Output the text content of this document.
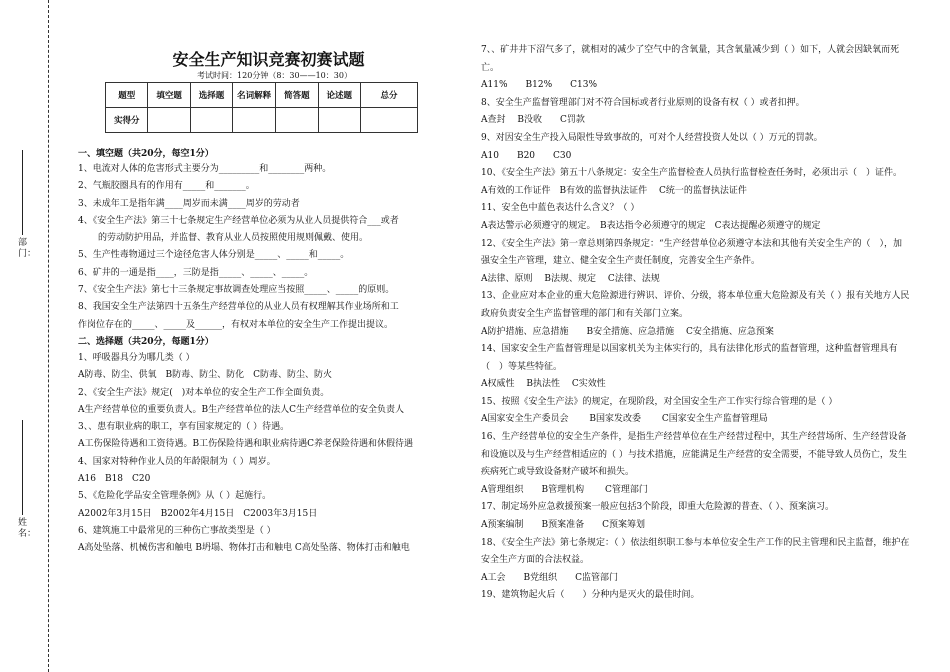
部门：
姓名：
安全生产知识竞赛初赛试题
考试时间：120分钟（8：30——10：30）
题型	填空题	选择题	名词解释	简答题	论述题	总分
实得分						
一、填空题（共20分，每空1分）
1、电流对人体的危害形式主要分为_________和________两种。
2、气瓶胶圈具有的作用有_____和_______。
3、未成年工是指年满____周岁而未满____周岁的劳动者
4、《安全生产法》第三十七条规定生产经营单位必须为从业人员提供符合___或者
的劳动防护用品，并监督、教育从业人员按照使用规则佩戴、使用。
5、生产性毒物通过三个途径危害人体分别是_____、_____和_____。
6、矿井的一通是指____，三防是指_____、_____、_____。
7、《安全生产法》第七十三条规定事故调查处理应当按照_____、_____的原则。
8、我国安全生产法第四十五条生产经营单位的从业人员有权理解其作业场所和工
作岗位存在的_____、_____及______，有权对本单位的安全生产工作提出提议。
二、选择题（共20分，每题1分）
1、呼吸器具分为哪几类（ ）
A防毒、防尘、供氧　B防毒、防尘、防化　C防毒、防尘、防火
2、《安全生产法》规定(　)对本单位的安全生产工作全面负责。
A生产经营单位的重要负责人。B生产经营单位的法人C生产经营单位的安全负责人
3、、患有职业病的职工，享有国家规定的（ ）待遇。
A工伤保险待遇和工资待遇。B工伤保险待遇和职业病待遇C养老保险待遇和休假待遇
4、国家对特种作业人员的年龄限制为（ ）周岁。
A16　B18　C20
5、《危险化学品安全管理条例》从（ ）起施行。
A2002年3月15日　B2002年4月15日　C2003年3月15日
6、建筑施工中最常见的三种伤亡事故类型是（ ）
A高处坠落、机械伤害和触电 B坍塌、物体打击和触电 C高处坠落、物体打击和触电
7、、矿井井下沼气多了，就相对的减少了空气中的含氧量，其含氧量减少到（ ）如下，人就会因缺氧而死亡。
A11%　　B12%　　C13%
8、安全生产监督管理部门对不符合国标或者行业原则的设备有权（ ）或者扣押。
A查封　 B没收　　C罚款
9、对因安全生产投入局限性导致事故的，可对个人经营投资人处以（ ）万元的罚款。
A10　　B20　　C30
10、《安全生产法》第五十八条规定：安全生产监督检查人员执行监督检查任务时，必须出示（　）证件。
A有效的工作证件　B有效的监督执法证件　 C统一的监督执法证件
11、安全色中蓝色表达什么含义？（ ）
A表达警示必须遵守的规定。　B表达指令必须遵守的规定　C表达提醒必须遵守的规定
12、《安全生产法》第一章总则第四条规定：“生产经营单位必须遵守本法和其他有关安全生产的（　），加强安全生产管理，建立、健全安全生产责任制度，完善安全生产条件。
A法律、原则　 B法规、规定　 C法律、法规
13、企业应对本企业的重大危险源进行辨识、评价、分级，将本单位重大危险源及有关（ ）报有关地方人民政府负责安全生产监督管理的部门和有关部门立案。
A防护措施、应急措施　　B安全措施、应急措施　 C安全措施、应急预案
14、国家安全生产监督管理是以国家机关为主体实行的，具有法律化形式的监督管理，这种监督管理具有（　）等某些特征。
A权威性　 B执法性　 C实效性
15、按照《安全生产法》的规定，在现阶段，对全国安全生产工作实行综合管理的是（ ）
A国家安全生产委员会　　 B国家发改委　　 C国家安全生产监督管理局
16、生产经营单位的安全生产条件，是指生产经营单位在生产经营过程中，其生产经营场所、生产经营设备和设施以及与生产经营相适应的（ ）与技术措施，应能满足生产经营的安全需要，不能导致人员伤亡，发生疾病死亡或导致设备财产破坏和损失。
A管理组织　　B管理机构　　 C管理部门
17、制定场外应急救援预案一般应包括3个阶段，即重大危险源的普查、（ ）、预案演习。
A预案编制　　B预案准备　　C预案筹划
18、《安全生产法》第七条规定：（ ）依法组织职工参与本单位安全生产工作的民主管理和民主监督，维护在安全生产方面的合法权益。
A工会　　B党组织　　C监管部门
19、建筑物起火后（　　）分种内是灭火的最佳时间。
